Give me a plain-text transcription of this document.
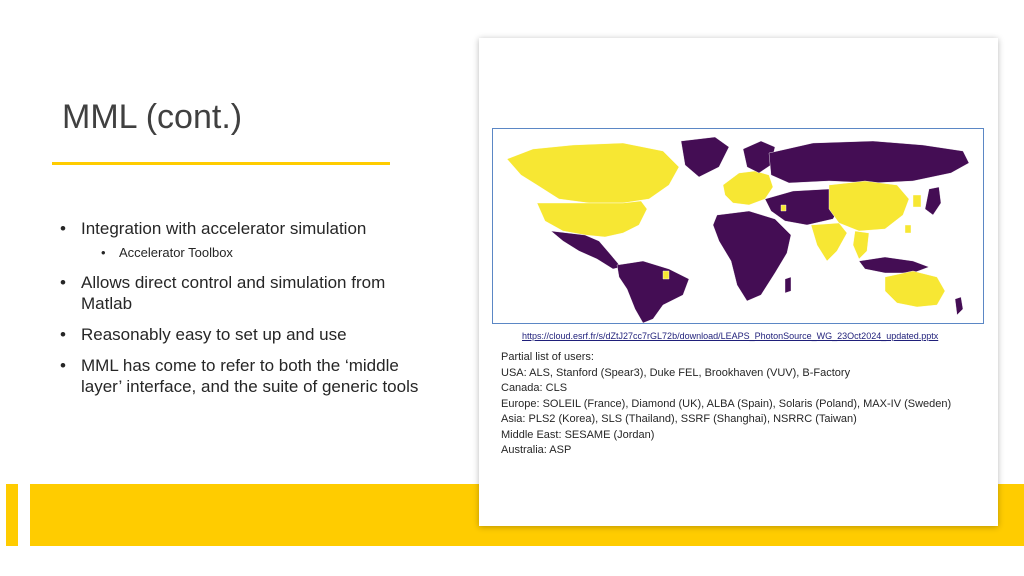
MML (cont.)
• Integration with accelerator simulation
• Accelerator Toolbox
• Allows direct control and simulation from Matlab
• Reasonably easy to set up and use
• MML has come to refer to both the ‘middle layer’ interface, and the suite of generic tools
https://cloud.esrf.fr/s/dZtJ27cc7rGL72b/download/LEAPS_PhotonSource_WG_23Oct2024_updated.pptx
Partial list of users:
USA: ALS, Stanford (Spear3), Duke FEL, Brookhaven (VUV), B-Factory
Canada: CLS
Europe: SOLEIL (France), Diamond (UK), ALBA (Spain), Solaris (Poland), MAX-IV (Sweden)
Asia: PLS2 (Korea), SLS (Thailand), SSRF (Shanghai), NSRRC (Taiwan)
Middle East: SESAME (Jordan)
Australia: ASP
